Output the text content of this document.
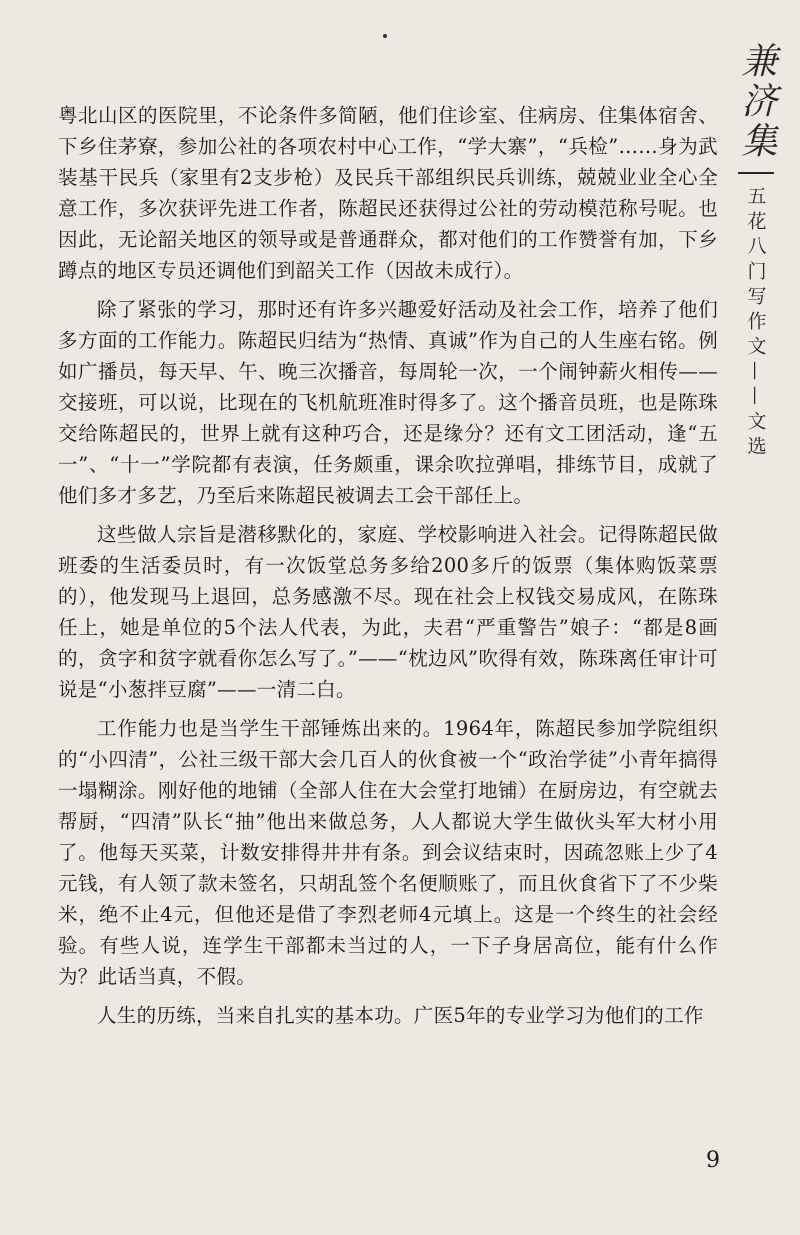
粤北山区的医院里，不论条件多简陋，他们住诊室、住病房、住集体宿舍、下乡住茅寮，参加公社的各项农村中心工作，“学大寨”，“兵检”……身为武装基干民兵（家里有2支步枪）及民兵干部组织民兵训练，兢兢业业全心全意工作，多次获评先进工作者，陈超民还获得过公社的劳动模范称号呢。也因此，无论韶关地区的领导或是普通群众，都对他们的工作赞誉有加，下乡蹲点的地区专员还调他们到韶关工作（因故未成行）。

除了紧张的学习，那时还有许多兴趣爱好活动及社会工作，培养了他们多方面的工作能力。陈超民归结为“热情、真诚”作为自己的人生座右铭。例如广播员，每天早、午、晚三次播音，每周轮一次，一个闹钟薪火相传——交接班，可以说，比现在的飞机航班准时得多了。这个播音员班，也是陈珠交给陈超民的，世界上就有这种巧合，还是缘分？还有文工团活动，逢“五一”、“十一”学院都有表演，任务颇重，课余吹拉弹唱，排练节目，成就了他们多才多艺，乃至后来陈超民被调去工会干部任上。

这些做人宗旨是潜移默化的，家庭、学校影响进入社会。记得陈超民做班委的生活委员时，有一次饭堂总务多给200多斤的饭票（集体购饭菜票的），他发现马上退回，总务感激不尽。现在社会上权钱交易成风，在陈珠任上，她是单位的5个法人代表，为此，夫君“严重警告”娘子：“都是8画的，贪字和贫字就看你怎么写了。”——“枕边风”吹得有效，陈珠离任审计可说是“小葱拌豆腐”——一清二白。

工作能力也是当学生干部锤炼出来的。1964年，陈超民参加学院组织的“小四清”，公社三级干部大会几百人的伙食被一个“政治学徒”小青年搞得一塌糊涂。刚好他的地铺（全部人住在大会堂打地铺）在厨房边，有空就去帮厨，“四清”队长“抽”他出来做总务，人人都说大学生做伙头军大材小用了。他每天买菜，计数安排得井井有条。到会议结束时，因疏忽账上少了4元钱，有人领了款未签名，只胡乱签个名便顺账了，而且伙食省下了不少柴米，绝不止4元，但他还是借了李烈老师4元填上。这是一个终生的社会经验。有些人说，连学生干部都未当过的人，一下子身居高位，能有什么作为？此话当真，不假。

人生的历练，当来自扎实的基本功。广医5年的专业学习为他们的工作

兼济集
五花八门写作文——文选
9
